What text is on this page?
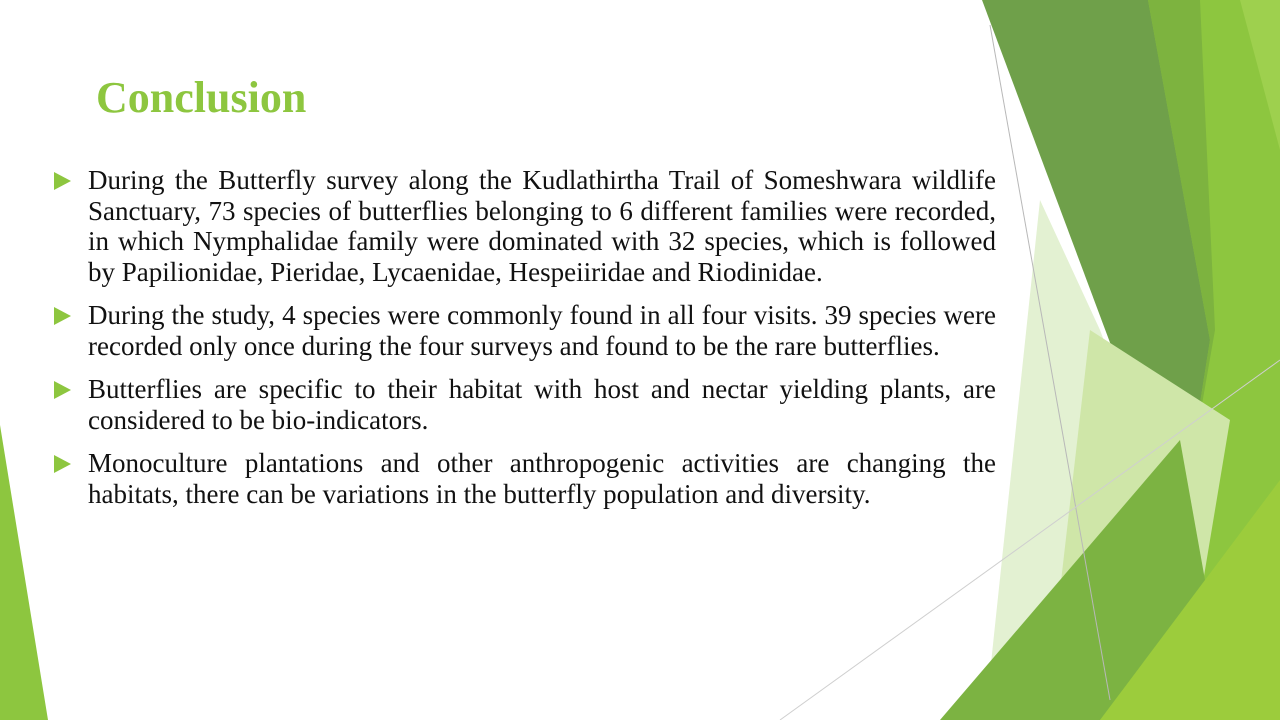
Conclusion
During the Butterfly survey along the Kudlathirtha Trail of Someshwara wildlife Sanctuary, 73 species of butterflies belonging to 6 different families were recorded, in which Nymphalidae family were dominated with 32 species, which is followed by Papilionidae, Pieridae, Lycaenidae, Hespeiiridae and Riodinidae.
During the study, 4 species were commonly found in all four visits. 39 species were recorded only once during the four surveys and found to be the rare butterflies.
Butterflies are specific to their habitat with host and nectar yielding plants, are considered to be bio-indicators.
Monoculture plantations and other anthropogenic activities are changing the habitats, there can be variations in the butterfly population and diversity.
